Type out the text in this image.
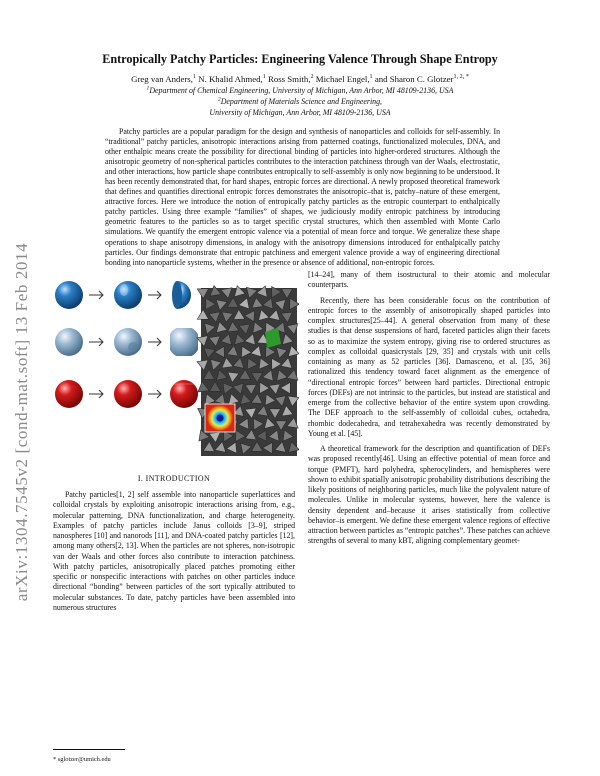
arXiv:1304.7545v2 [cond-mat.soft] 13 Feb 2014
Entropically Patchy Particles: Engineering Valence Through Shape Entropy
Greg van Anders,$^1$ N. Khalid Ahmed,$^1$ Ross Smith,$^2$ Michael Engel,$^1$ and Sharon C. Glotzer$^{1, 2, *}$
$^1$Department of Chemical Engineering, University of Michigan, Ann Arbor, MI 48109-2136, USA
$^2$Department of Materials Science and Engineering,
University of Michigan, Ann Arbor, MI 48109-2136, USA
Patchy particles are a popular paradigm for the design and synthesis of nanoparticles and colloids for self-assembly. In “traditional” patchy particles, anisotropic interactions arising from patterned coatings, functionalized molecules, DNA, and other enthalpic means create the possibility for directional binding of particles into higher-ordered structures. Although the anisotropic geometry of non-spherical particles contributes to the interaction patchiness through van der Waals, electrostatic, and other interactions, how particle shape contributes entropically to self-assembly is only now beginning to be understood. It has been recently demonstrated that, for hard shapes, entropic forces are directional. A newly proposed theoretical framework that defines and quantifies directional entropic forces demonstrates the anisotropic–that is, patchy–nature of these emergent, attractive forces. Here we introduce the notion of entropically patchy particles as the entropic counterpart to enthalpically patchy particles. Using three example “families” of shapes, we judiciously modify entropic patchiness by introducing geometric features to the particles so as to target specific crystal structures, which then assembled with Monte Carlo simulations. We quantify the emergent entropic valence via a potential of mean force and torque. We generalize these shape operations to shape anisotropy dimensions, in analogy with the anisotropy dimensions introduced for enthalpically patchy particles. Our findings demonstrate that entropic patchiness and emergent valence provide a way of engineering directional bonding into nanoparticle systems, whether in the presence or absence of additional, non-entropic forces.
I. INTRODUCTION

Patchy particles[1, 2] self assemble into nanoparticle superlattices and colloidal crystals by exploiting anisotropic interactions arising from, e.g., molecular patterning, DNA functionalization, and charge heterogeneity. Examples of patchy particles include Janus colloids [3–9], striped nanospheres [10] and nanorods [11], and DNA-coated patchy particles [12], among many others[2, 13]. When the particles are not spheres, non-isotropic van der Waals and other forces also contribute to interaction patchiness. With patchy particles, anisotropically placed patches promoting either specific or nonspecific interactions with patches on other particles induce directional “bonding” between particles of the sort typically attributed to molecular substances. To date, patchy particles have been assembled into numerous structures

[14–24], many of them isostructural to their atomic and molecular counterparts.

Recently, there has been considerable focus on the contribution of entropic forces to the assembly of anisotropically shaped particles into complex structures[25–44]. A general observation from many of these studies is that dense suspensions of hard, faceted particles align their facets so as to maximize the system entropy, giving rise to ordered structures as complex as colloidal quasicrystals [29, 35] and crystals with unit cells containing as many as 52 particles [36]. Damasceno, et al. [35, 36] rationalized this tendency toward facet alignment as the emergence of “directional entropic forces” between hard particles. Directional entropic forces (DEFs) are not intrinsic to the particles, but instead are statistical and emerge from the collective behavior of the entire system upon crowding. The DEF approach to the self-assembly of colloidal cubes, octahedra, rhombic dodecahedra, and tetrahexahedra was recently demonstrated by Young et al. [45].

A theoretical framework for the description and quantification of DEFs was proposed recently[46]. Using an effective potential of mean force and torque (PMFT), hard polyhedra, spherocylinders, and hemispheres were shown to exhibit spatially anisotropic probability distributions describing the likely positions of neighboring particles, much like the polyvalent nature of molecules. Unlike in molecular systems, however, here the valence is density dependent and–because it arises statistically from collective behavior–is emergent. We define these emergent valence regions of effective attraction between particles as “entropic patches”. These patches can achieve strengths of several to many kBT, aligning complementary geomet-

* sglotzer@umich.edu
